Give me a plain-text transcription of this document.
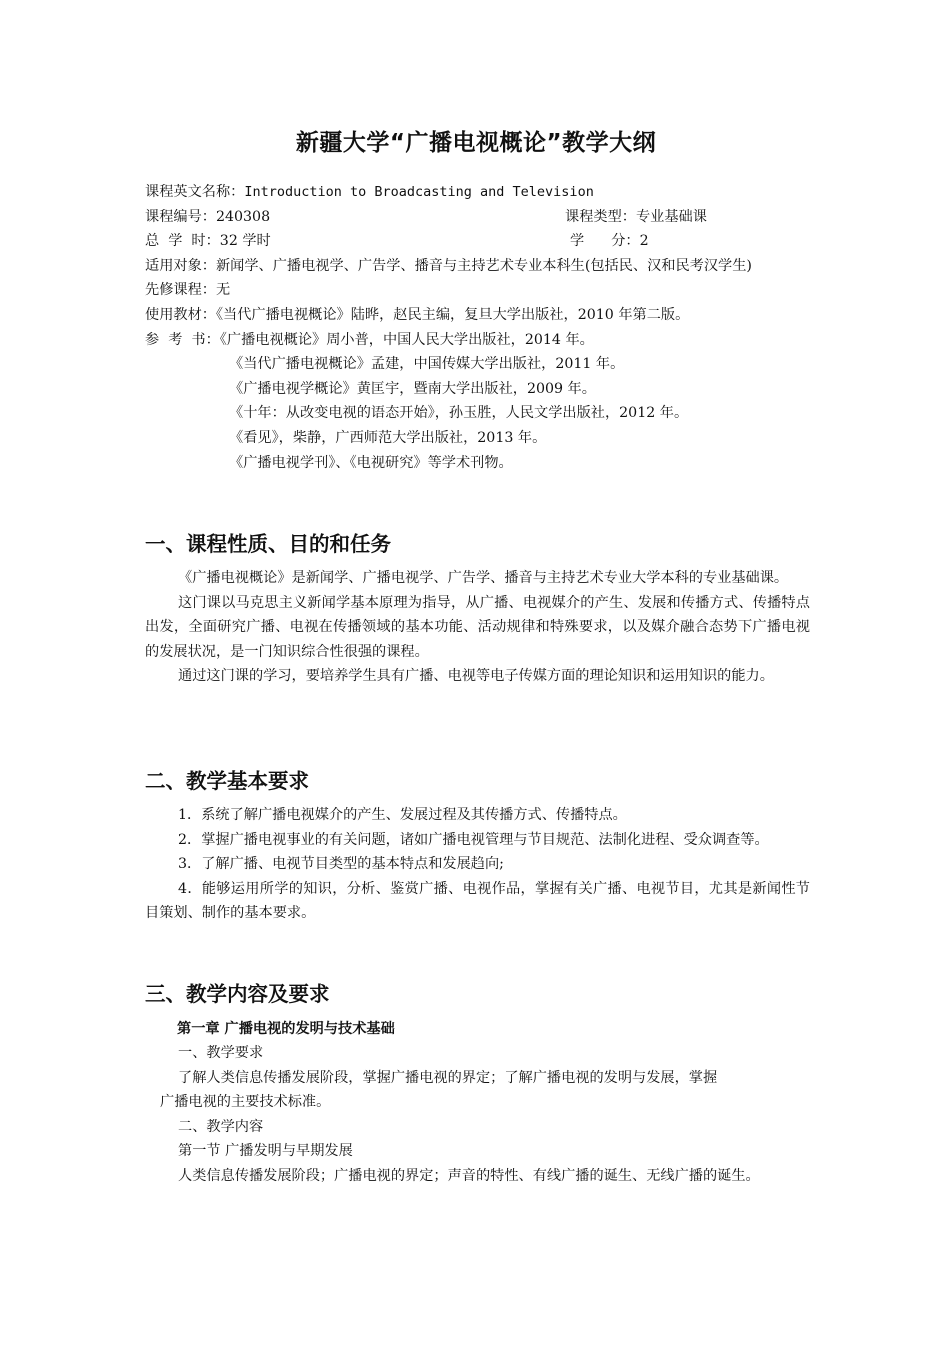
新疆大学“广播电视概论”教学大纲
课程英文名称：Introduction to Broadcasting and Television
课程编号：240308	课程类型：专业基础课
总  学  时：32 学时	学      分：2
适用对象：新闻学、广播电视学、广告学、播音与主持艺术专业本科生(包括民、汉和民考汉学生)
先修课程：无
使用教材：《当代广播电视概论》陆晔，赵民主编，复旦大学出版社，2010 年第二版。
参  考  书：《广播电视概论》周小普，中国人民大学出版社，2014 年。
《当代广播电视概论》孟建，中国传媒大学出版社，2011 年。
《广播电视学概论》黄匡宇，暨南大学出版社，2009 年。
《十年：从改变电视的语态开始》，孙玉胜，人民文学出版社，2012 年。
《看见》，柴静，广西师范大学出版社，2013 年。
《广播电视学刊》、《电视研究》等学术刊物。
一、课程性质、目的和任务

《广播电视概论》是新闻学、广播电视学、广告学、播音与主持艺术专业大学本科的专业基础课。

这门课以马克思主义新闻学基本原理为指导，从广播、电视媒介的产生、发展和传播方式、传播特点出发，全面研究广播、电视在传播领域的基本功能、活动规律和特殊要求，以及媒介融合态势下广播电视的发展状况，是一门知识综合性很强的课程。

通过这门课的学习，要培养学生具有广播、电视等电子传媒方面的理论知识和运用知识的能力。

二、教学基本要求

1．系统了解广播电视媒介的产生、发展过程及其传播方式、传播特点。

2．掌握广播电视事业的有关问题，诸如广播电视管理与节目规范、法制化进程、受众调查等。

3．了解广播、电视节目类型的基本特点和发展趋向;

4．能够运用所学的知识，分析、鉴赏广播、电视作品，掌握有关广播、电视节目，尤其是新闻性节目策划、制作的基本要求。

三、教学内容及要求
第一章 广播电视的发明与技术基础
一、教学要求
了解人类信息传播发展阶段，掌握广播电视的界定；了解广播电视的发明与发展，掌握
广播电视的主要技术标准。
二、教学内容
第一节 广播发明与早期发展
人类信息传播发展阶段；广播电视的界定；声音的特性、有线广播的诞生、无线广播的诞生。
